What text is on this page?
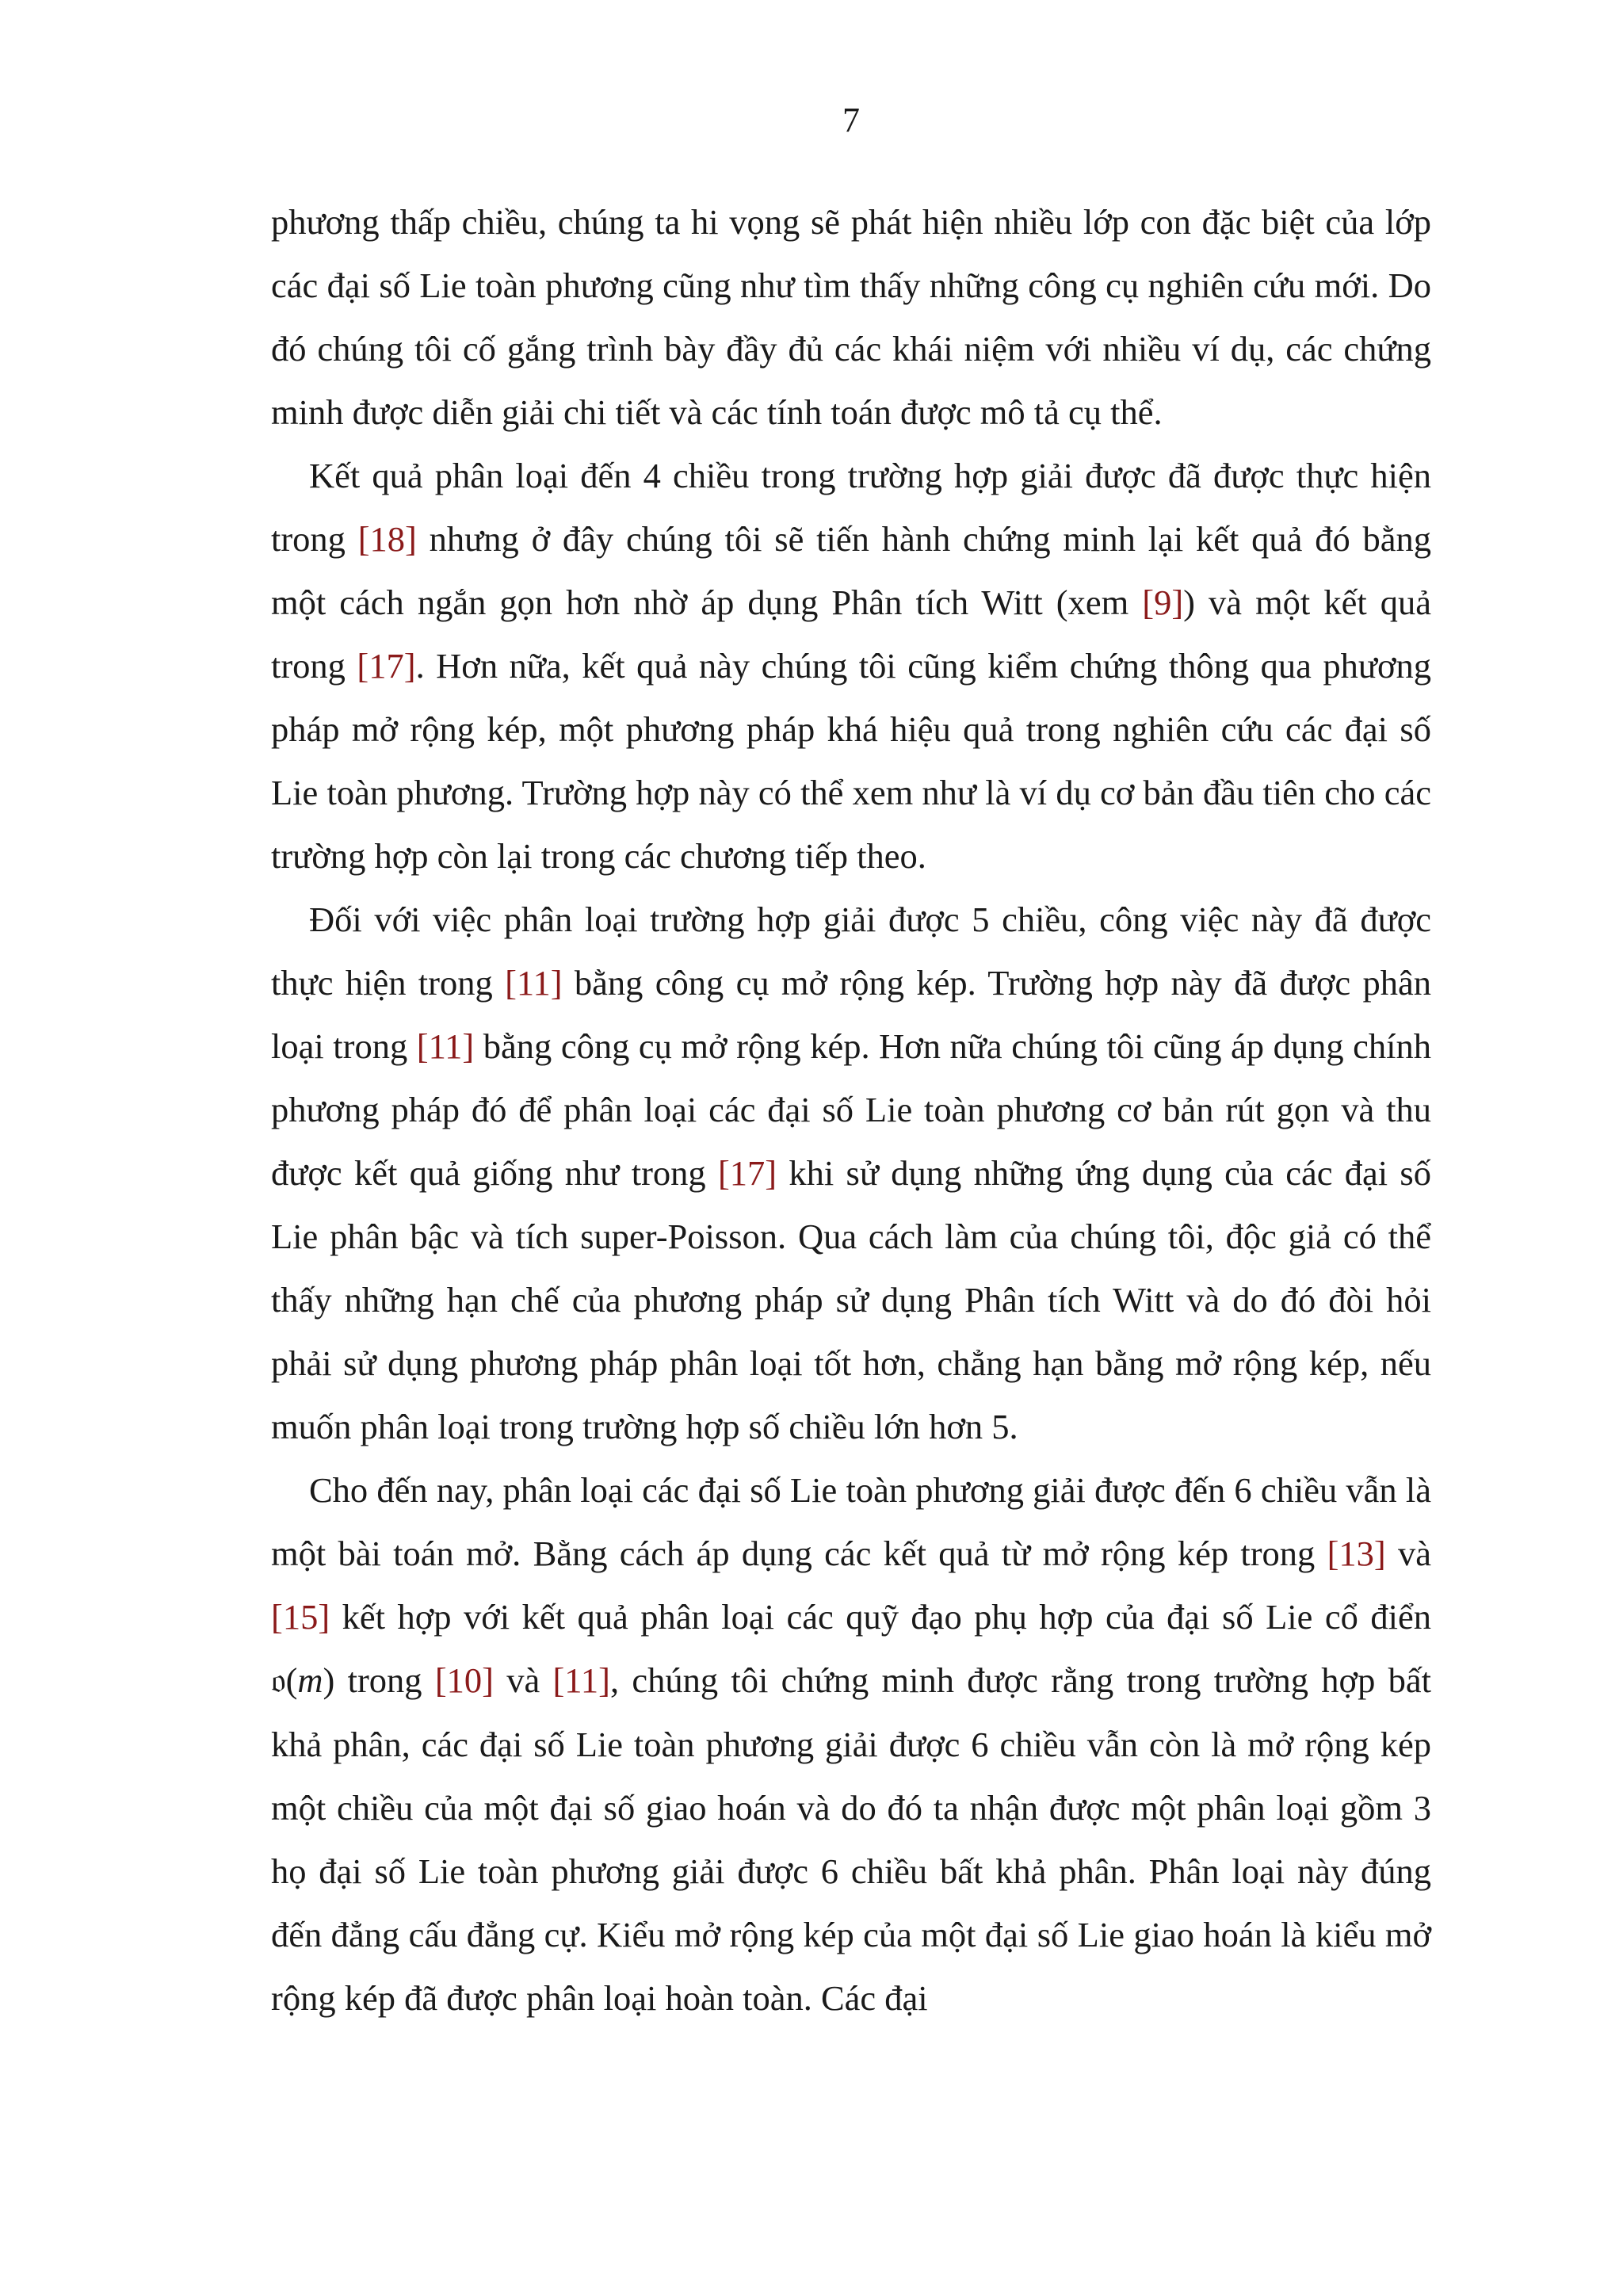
7

phương thấp chiều, chúng ta hi vọng sẽ phát hiện nhiều lớp con đặc biệt của lớp các đại số Lie toàn phương cũng như tìm thấy những công cụ nghiên cứu mới. Do đó chúng tôi cố gắng trình bày đầy đủ các khái niệm với nhiều ví dụ, các chứng minh được diễn giải chi tiết và các tính toán được mô tả cụ thể.

Kết quả phân loại đến 4 chiều trong trường hợp giải được đã được thực hiện trong [18] nhưng ở đây chúng tôi sẽ tiến hành chứng minh lại kết quả đó bằng một cách ngắn gọn hơn nhờ áp dụng Phân tích Witt (xem [9]) và một kết quả trong [17]. Hơn nữa, kết quả này chúng tôi cũng kiểm chứng thông qua phương pháp mở rộng kép, một phương pháp khá hiệu quả trong nghiên cứu các đại số Lie toàn phương. Trường hợp này có thể xem như là ví dụ cơ bản đầu tiên cho các trường hợp còn lại trong các chương tiếp theo.

Đối với việc phân loại trường hợp giải được 5 chiều, công việc này đã được thực hiện trong [11] bằng công cụ mở rộng kép. Trường hợp này đã được phân loại trong [11] bằng công cụ mở rộng kép. Hơn nữa chúng tôi cũng áp dụng chính phương pháp đó để phân loại các đại số Lie toàn phương cơ bản rút gọn và thu được kết quả giống như trong [17] khi sử dụng những ứng dụng của các đại số Lie phân bậc và tích super-Poisson. Qua cách làm của chúng tôi, độc giả có thể thấy những hạn chế của phương pháp sử dụng Phân tích Witt và do đó đòi hỏi phải sử dụng phương pháp phân loại tốt hơn, chẳng hạn bằng mở rộng kép, nếu muốn phân loại trong trường hợp số chiều lớn hơn 5.

Cho đến nay, phân loại các đại số Lie toàn phương giải được đến 6 chiều vẫn là một bài toán mở. Bằng cách áp dụng các kết quả từ mở rộng kép trong [13] và [15] kết hợp với kết quả phân loại các quỹ đạo phụ hợp của đại số Lie cổ điển 𝔬(m) trong [10] và [11], chúng tôi chứng minh được rằng trong trường hợp bất khả phân, các đại số Lie toàn phương giải được 6 chiều vẫn còn là mở rộng kép một chiều của một đại số giao hoán và do đó ta nhận được một phân loại gồm 3 họ đại số Lie toàn phương giải được 6 chiều bất khả phân. Phân loại này đúng đến đẳng cấu đẳng cự. Kiểu mở rộng kép của một đại số Lie giao hoán là kiểu mở rộng kép đã được phân loại hoàn toàn. Các đại
